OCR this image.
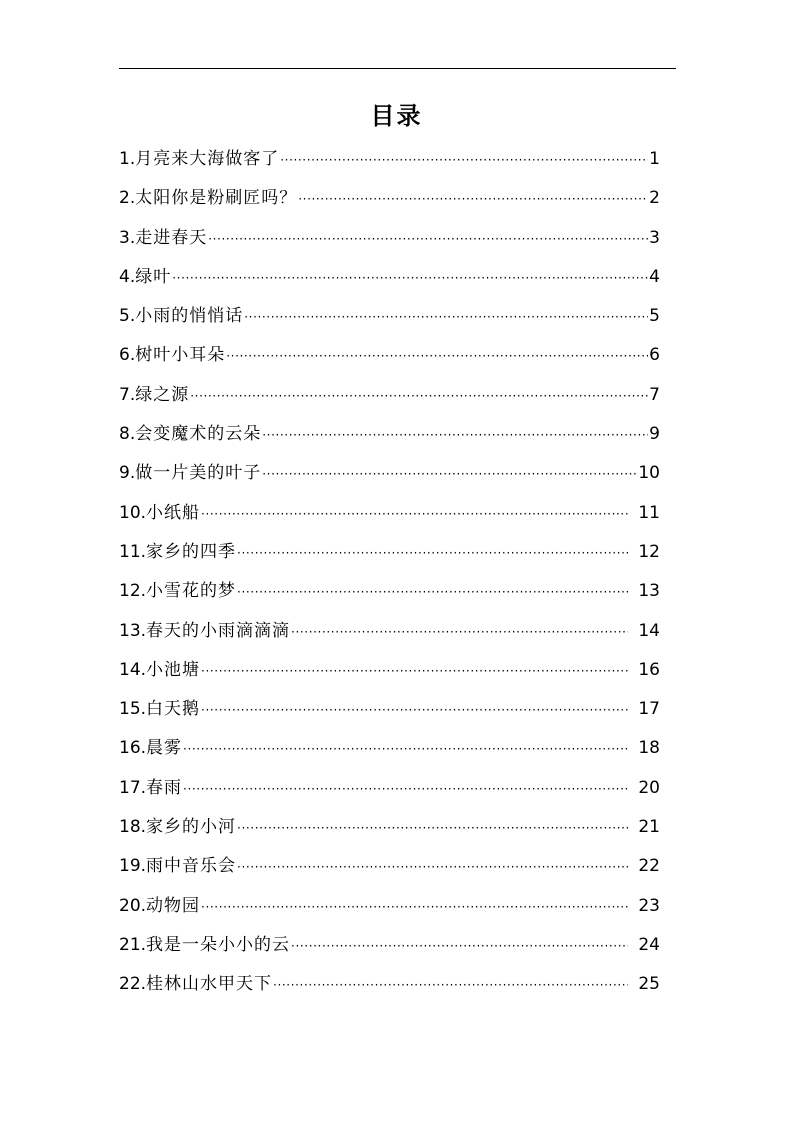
目录
1. 月亮来大海做客了 ·····	1
2. 太阳你是粉刷匠吗？ ·····	2
3. 走进春天 ·····	3
4. 绿叶 ·····	4
5. 小雨的悄悄话 ·····	5
6. 树叶小耳朵 ·····	6
7. 绿之源 ·····	7
8. 会变魔术的云朵 ·····	9
9. 做一片美的叶子 ·····	10
10. 小纸船 ·····	11
11. 家乡的四季 ·····	12
12. 小雪花的梦 ·····	13
13. 春天的小雨滴滴滴 ·····	14
14. 小池塘 ·····	16
15. 白天鹅 ·····	17
16. 晨雾 ·····	18
17. 春雨 ·····	20
18. 家乡的小河 ·····	21
19. 雨中音乐会 ·····	22
20. 动物园 ·····	23
21. 我是一朵小小的云 ·····	24
22. 桂林山水甲天下 ·····	25
